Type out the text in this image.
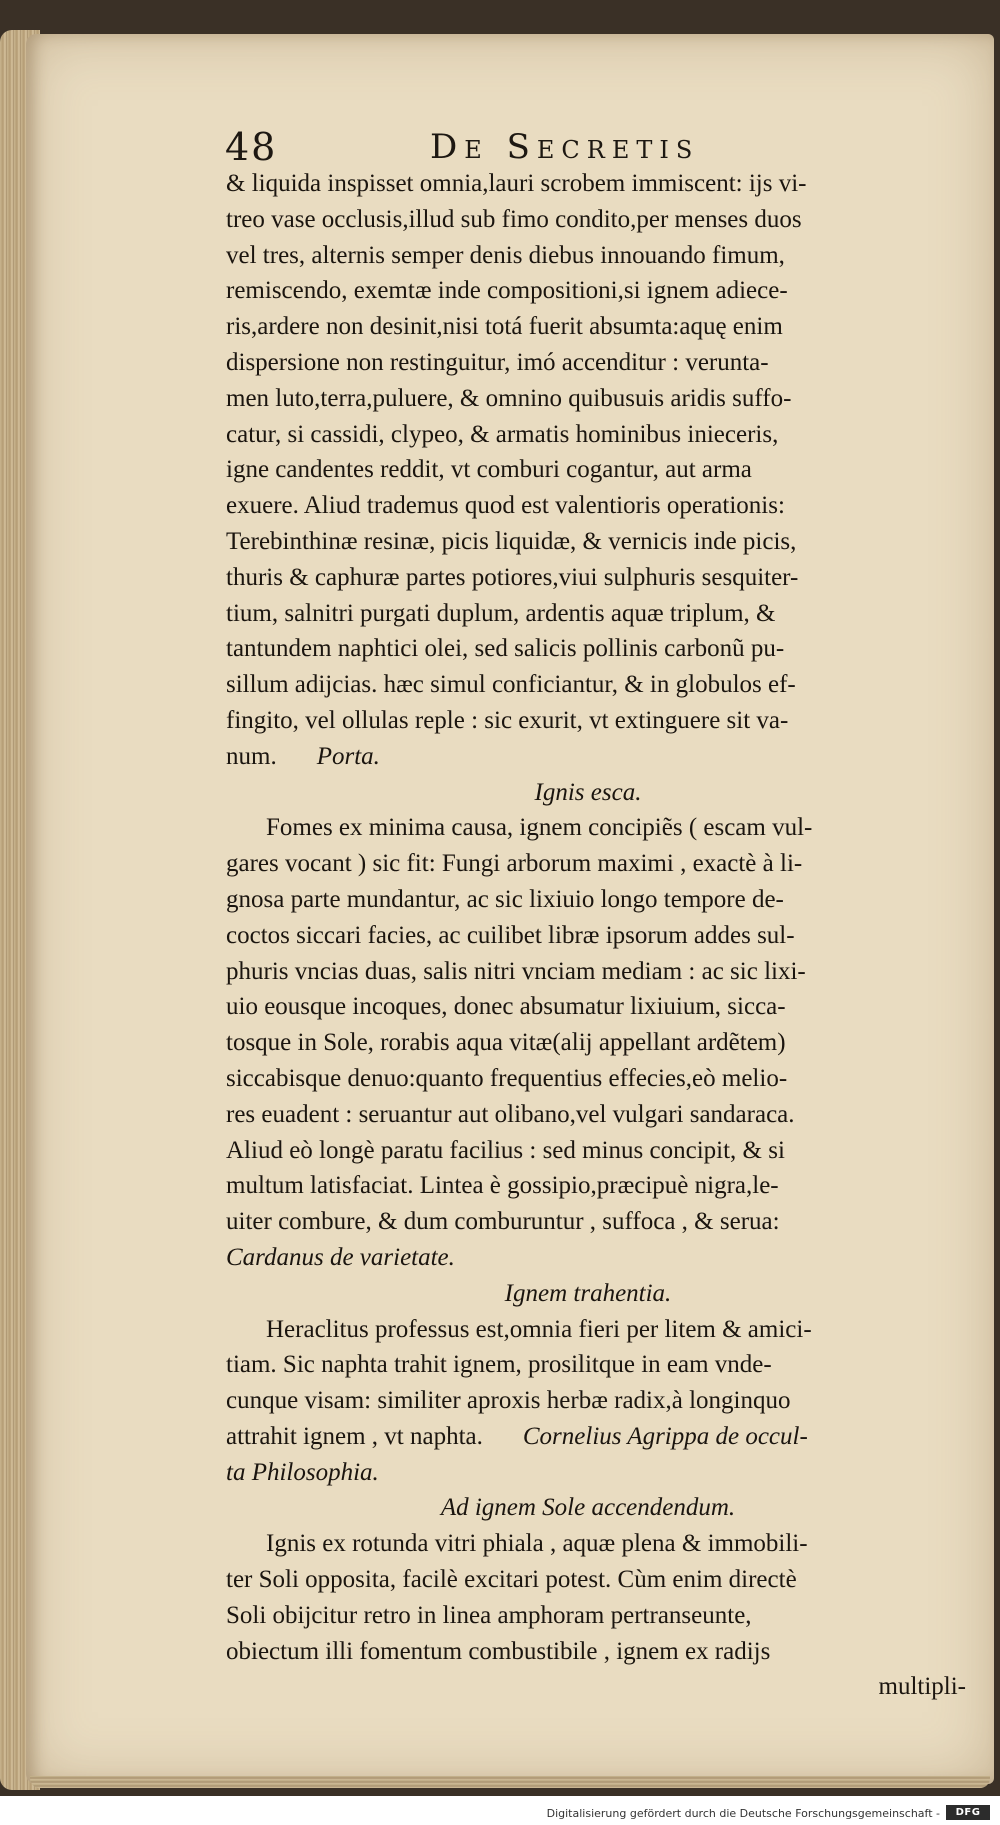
48	De Secretis
& liquida inspisset omnia,lauri scrobem immiscent: ijs vi-
treo vase occlusis,illud sub fimo condito,per menses duos
vel tres, alternis semper denis diebus innouando fimum,
remiscendo, exemtæ inde compositioni,si ignem adiece-
ris,ardere non desinit,nisi totá fuerit absumta:aquę enim
dispersione non restinguitur, imó accenditur : verunta-
men luto,terra,puluere, & omnino quibusuis aridis suffo-
catur, si cassidi, clypeo, & armatis hominibus inieceris,
igne candentes reddit, vt comburi cogantur, aut arma
exuere. Aliud trademus quod est valentioris operationis:
Terebinthinæ resinæ, picis liquidæ, & vernicis inde picis,
thuris & caphuræ partes potiores,viui sulphuris sesquiter-
tium, salnitri purgati duplum, ardentis aquæ triplum, &
tantundem naphtici olei, sed salicis pollinis carbonũ pu-
sillum adijcias. hæc simul conficiantur, & in globulos ef-
fingito, vel ollulas reple : sic exurit, vt extinguere sit va-
num. Porta.
Ignis esca.
Fomes ex minima causa, ignem concipiẽs ( escam vul-
gares vocant ) sic fit: Fungi arborum maximi , exactè à li-
gnosa parte mundantur, ac sic lixiuio longo tempore de-
coctos siccari facies, ac cuilibet libræ ipsorum addes sul-
phuris vncias duas, salis nitri vnciam mediam : ac sic lixi-
uio eousque incoques, donec absumatur lixiuium, sicca-
tosque in Sole, rorabis aqua vitæ(alij appellant ardẽtem)
siccabisque denuo:quanto frequentius effecies,eò melio-
res euadent : seruantur aut olibano,vel vulgari sandaraca.
Aliud eò longè paratu facilius : sed minus concipit, & si
multum latisfaciat. Lintea è gossipio,præcipuè nigra,le-
uiter combure, & dum comburuntur , suffoca , & serua:
Cardanus de varietate.
Ignem trahentia.
Heraclitus professus est,omnia fieri per litem & amici-
tiam. Sic naphta trahit ignem, prosilitque in eam vnde-
cunque visam: similiter aproxis herbæ radix,à longinquo
attrahit ignem , vt naphta. Cornelius Agrippa de occul-
ta Philosophia.
Ad ignem Sole accendendum.
Ignis ex rotunda vitri phiala , aquæ plena & immobili-
ter Soli opposita, facilè excitari potest. Cùm enim directè
Soli obijcitur retro in linea amphoram pertranseunte,
obiectum illi fomentum combustibile , ignem ex radijs
multipli-
Digitalisierung gefördert durch die Deutsche Forschungsgemeinschaft -	DFG
